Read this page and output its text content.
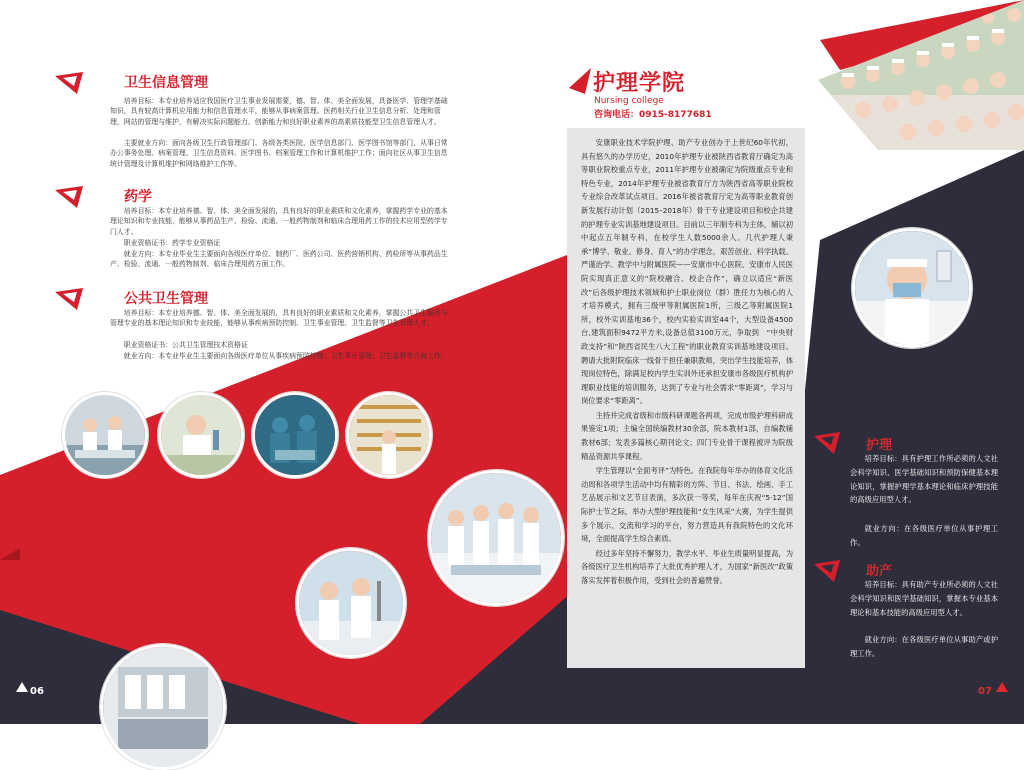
卫生信息管理

培养目标：本专业培养适应我国医疗卫生事业发展需要，德、智、体、美全面发展，具备医学、管理学基础知识，具有较高计算机应用能力和信息管理水平，能够从事病案管理、医药相关行业卫生信息分析、处理和管理，网站的管理与维护，有解决实际问题能力、创新能力和良好职业素养的高素质技能型卫生信息管理人才。

主要就业方向：面向各级卫生行政管理部门、各级各类医院、医学信息部门、医学图书馆等部门，从事日常办公事务处理、病案管理、卫生信息资料、医学图书、档案管理工作和计算机维护工作；面向社区从事卫生信息统计管理及计算机维护和网络维护工作等。

药学

培养目标：本专业培养德、智、体、美全面发展的，具有良好的职业素质和文化素养，掌握药学专业的基本理论知识和专业技能，能够从事药品生产、检验、流通、一般药物制剂和临床合理用药工作的技术应用型药学专门人才。

职业资格证书：药学专业资格证

就业方向：本专业毕业生主要面向各级医疗单位、制药厂、医药公司、医药营销机构、药检所等从事药品生产、检验、流通、一般药物制剂、临床合理用药方面工作。

公共卫生管理

培养目标：本专业培养德、智、体、美全面发展的，具有良好的职业素质和文化素养，掌握公共卫生服务与管理专业的基本理论知识和专业技能，能够从事疾病预防控制、卫生事业管理、卫生监督等卫生管理人才。

职业资格证书：公共卫生管理技术资格证

就业方向：本专业毕业生主要面向各级医疗单位从事疾病预防控制、卫生事业管理、卫生监督等方面工作。

护理学院
Nursing college
咨询电话：0915-8177681

安康职业技术学院护理、助产专业创办于上世纪60年代初，具有悠久的办学历史，2010年护理专业被陕西省教育厅确定为高等职业院校重点专业，2011年护理专业被确定为院级重点专业和特色专业，2014年护理专业被省教育厅方为陕西省高等职业院校专业综合改革试点项目。2016年被省教育厅定为高等职业教育创新发展行动计划（2015–2018年）骨干专业建设项目和校企共建的护理专业实训基地建设项目。目前以三年制专科为主体，辅以初中起点五年制专科，在校学生人数5000余人。几代护理人秉承“博学、敬业、修身、育人”的办学理念，艰苦创业、科学执载、严谨治学。教学中与附属医院——安康市中心医院、安康市人民医院实现真正意义的“院校融合、校企合作”，确立以适应“新医改”后各级护理技术领域和护士职业岗位（群）胜任力为核心的人才培养模式，拥有三级甲等附属医院1所，三级乙等附属医院1所，校外实训基地36个，校内实验实训室44个，大型设备4500台,建筑面积9472平方米,设备总值3100万元，争取到　“中央财政支持”和“陕西省民生八大工程”的职业教育实训基地建设项目。聘请大批附院临床一线骨干担任兼职教师，突出学生技能培养，体现岗位特色，除满足校内学生实训外还承担安康市各级医疗机构护理职业技能的培训服务，达到了专业与社会需求“零距离”，学习与岗位要求“零距离”。

主持并完成省级和市级科研课题各两项，完成市级护理科研成果鉴定1项；主编全国统编教材30余部，院本教材1部，自编教辅教材6部；发表多篇核心期刊论文；四门专业骨干课程被评为院级精品资源共享课程。

学生管理以“全面考评”为特色。在我院每年举办的体育文化活动周和各项学生活动中均有精彩的方阵、节目、书法、绘画、手工艺品展示和文艺节目表演，多次获一等奖，每年在庆祝“5·12”国际护士节之际，举办大型护理技能和“女生风采”大赛，为学生提供多个展示、交流和学习的平台，努力营造具有我院特色的文化环境，全面提高学生综合素质。

经过多年坚持不懈努力，教学水平、毕业生质量明显提高，为各级医疗卫生机构培养了大批优秀护理人才，为国家“新医改”政策落实发挥着积极作用，受到社会的普遍赞誉。

护理

培养目标：具有护理工作所必须的人文社会科学知识、医学基础知识和预防保健基本理论知识，掌握护理学基本理论和临床护理技能的高级应用型人才。

就业方向：在各级医疗单位从事护理工作。

助产

培养目标：具有助产专业所必须的人文社会科学知识和医学基础知识，掌握本专业基本理论和基本技能的高级应用型人才。

就业方向：在各级医疗单位从事助产或护理工作。

06	07
